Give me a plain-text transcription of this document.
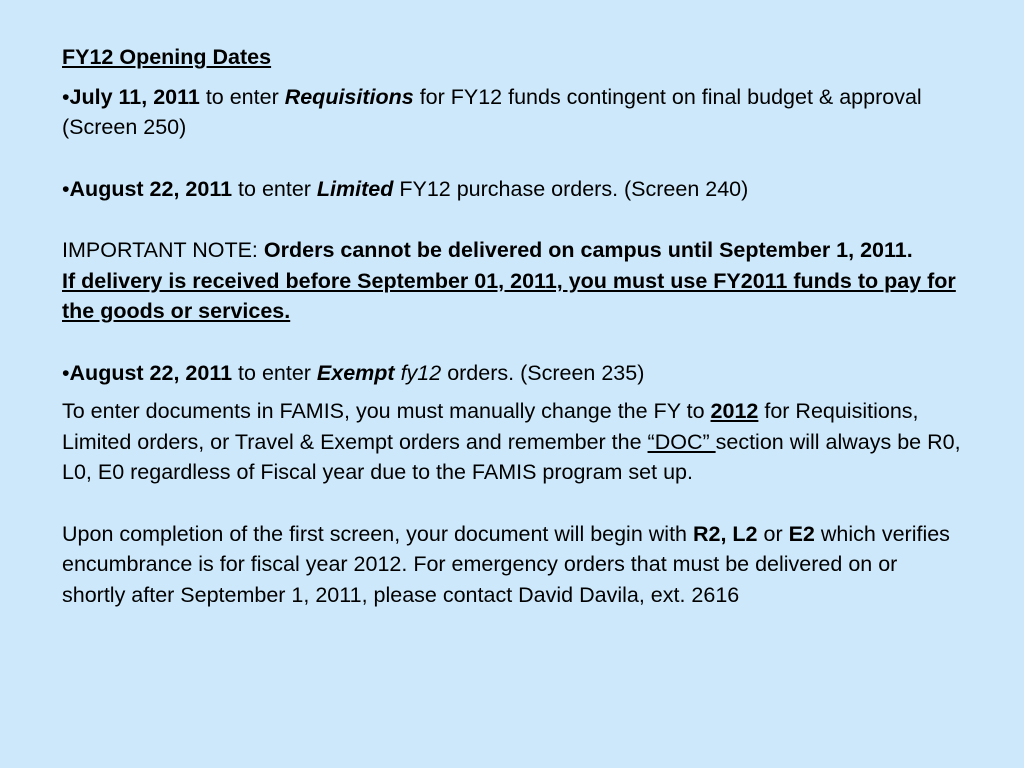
FY12 Opening Dates

•July 11, 2011 to enter Requisitions for FY12 funds contingent on final budget & approval (Screen 250)

•August 22, 2011 to enter Limited FY12 purchase orders. (Screen 240)

IMPORTANT NOTE: Orders cannot be delivered on campus until September 1, 2011.

If delivery is received before September 01, 2011, you must use FY2011 funds to pay for the goods or services.

•August 22, 2011 to enter Exempt fy12 orders. (Screen 235)

To enter documents in FAMIS, you must manually change the FY to 2012 for Requisitions, Limited orders, or Travel & Exempt orders and remember the “DOC” section will always be R0, L0, E0 regardless of Fiscal year due to the FAMIS program set up.

Upon completion of the first screen, your document will begin with R2, L2 or E2 which verifies encumbrance is for fiscal year 2012. For emergency orders that must be delivered on or shortly after September 1, 2011, please contact David Davila, ext. 2616
